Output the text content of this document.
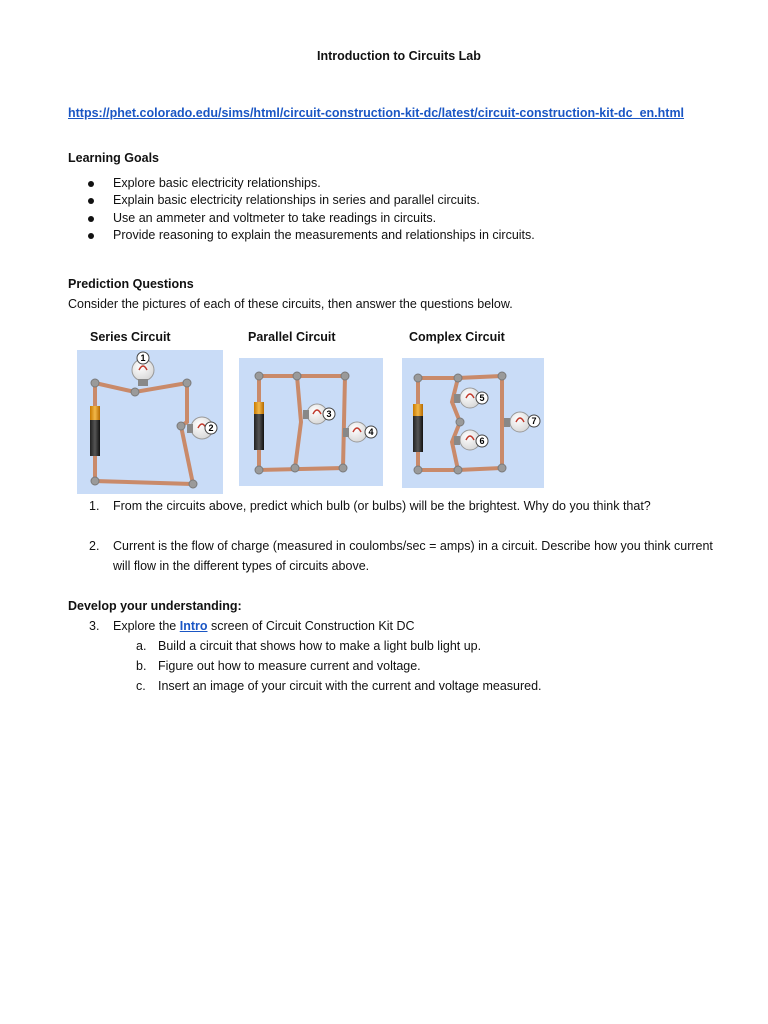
Introduction to Circuits Lab
https://phet.colorado.edu/sims/html/circuit-construction-kit-dc/latest/circuit-construction-kit-dc_en.html
Learning Goals
Explore basic electricity relationships.
Explain basic electricity relationships in series and parallel circuits.
Use an ammeter and voltmeter to take readings in circuits.
Provide reasoning to explain the measurements and relationships in circuits.
Prediction Questions
Consider the pictures of each of these circuits, then answer the questions below.
Series Circuit	Parallel Circuit	Complex Circuit
1
2
3
4
5
6
7
1. From the circuits above, predict which bulb (or bulbs) will be the brightest. Why do you think that?
2. Current is the flow of charge (measured in coulombs/sec = amps) in a circuit. Describe how you think current
will flow in the different types of circuits above.
Develop your understanding:
3. Explore the Intro screen of Circuit Construction Kit DC
a. Build a circuit that shows how to make a light bulb light up.
b. Figure out how to measure current and voltage.
c. Insert an image of your circuit with the current and voltage measured.
